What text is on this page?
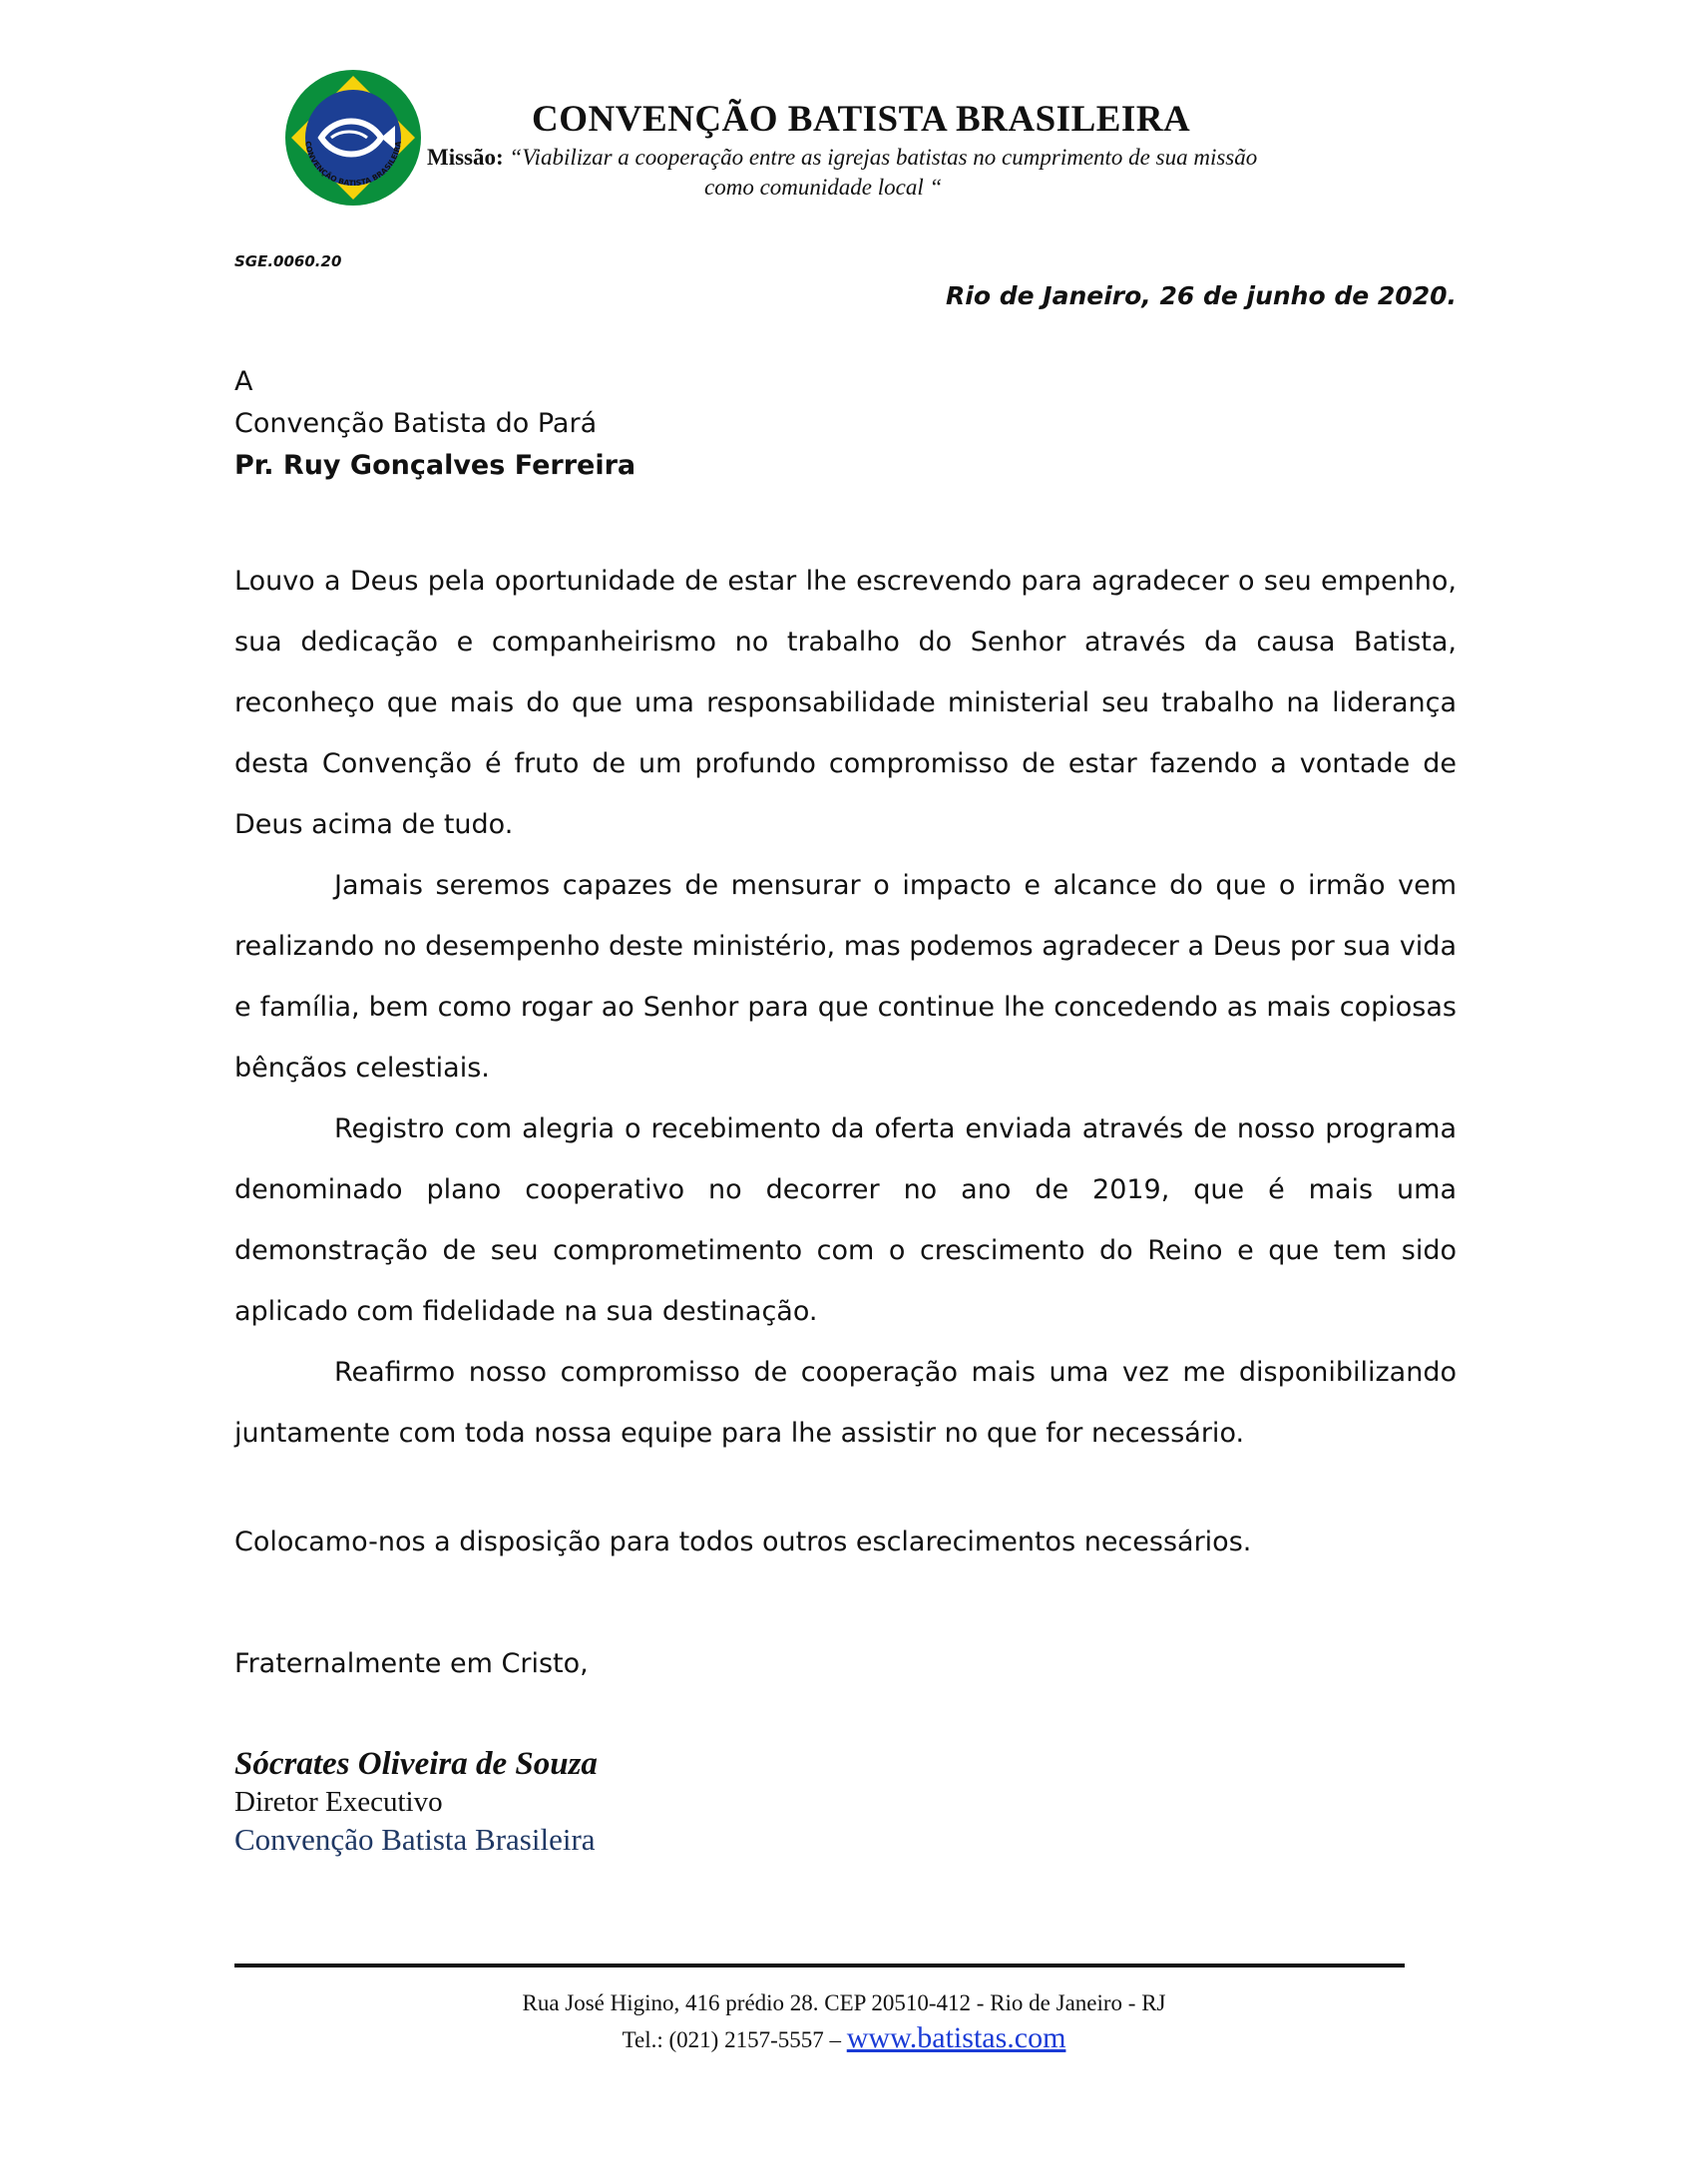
CONVENÇÃO BATISTA BRASILEIRA
CONVENÇÃO BATISTA BRASILEIRA
Missão: “Viabilizar a cooperação entre as igrejas batistas no cumprimento de sua missão
como comunidade local “
SGE.0060.20
Rio de Janeiro, 26 de junho de 2020.
A
Convenção Batista do Pará
Pr. Ruy Gonçalves Ferreira

Louvo a Deus pela oportunidade de estar lhe escrevendo para agradecer o seu empenho, sua dedicação e companheirismo no trabalho do Senhor através da causa Batista, reconheço que mais do que uma responsabilidade ministerial seu trabalho na liderança desta Convenção é fruto de um profundo compromisso de estar fazendo a vontade de Deus acima de tudo.

Jamais seremos capazes de mensurar o impacto e alcance do que o irmão vem realizando no desempenho deste ministério, mas podemos agradecer a Deus por sua vida e família, bem como rogar ao Senhor para que continue lhe concedendo as mais copiosas bênçãos celestiais.

Registro com alegria o recebimento da oferta enviada através de nosso programa denominado plano cooperativo no decorrer no ano de 2019, que é mais uma demonstração de seu comprometimento com o crescimento do Reino e que tem sido aplicado com fidelidade na sua destinação.

Reafirmo nosso compromisso de cooperação mais uma vez me disponibilizando juntamente com toda nossa equipe para lhe assistir no que for necessário.

Colocamo-nos a disposição para todos outros esclarecimentos necessários.
Fraternalmente em Cristo,
Sócrates Oliveira de Souza
Diretor Executivo
Convenção Batista Brasileira
Rua José Higino, 416 prédio 28. CEP 20510-412 - Rio de Janeiro - RJ
Tel.: (021) 2157-5557 – www.batistas.com
